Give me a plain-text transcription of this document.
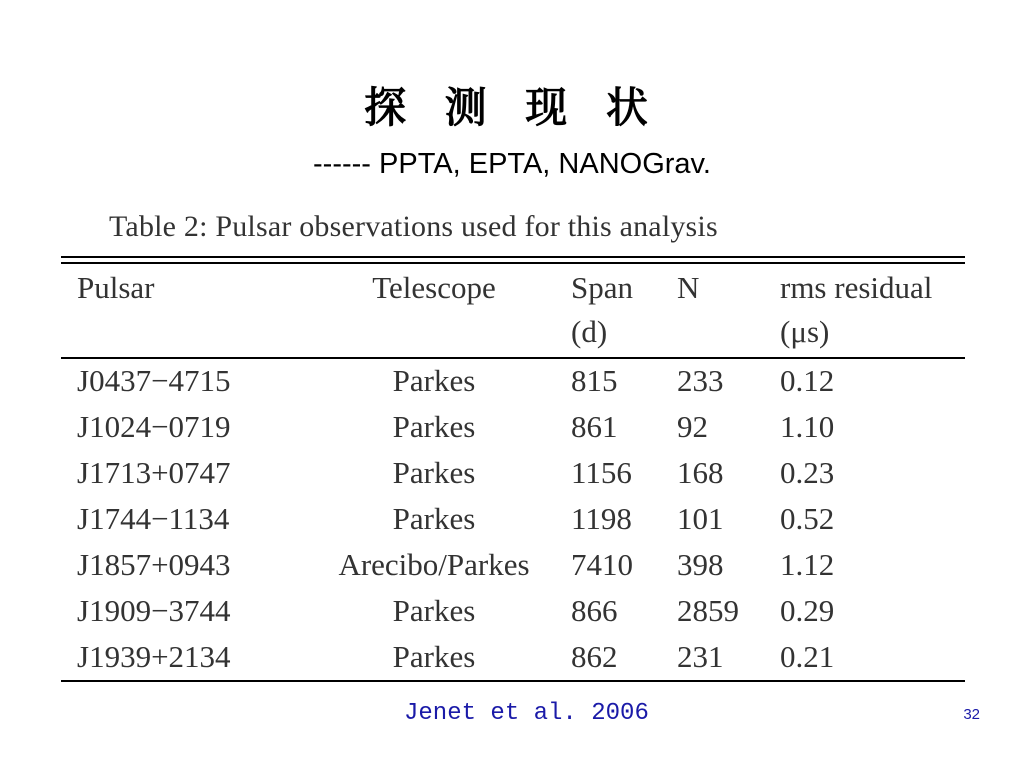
探 测 现 状
------ PPTA, EPTA, NANOGrav.
Table 2: Pulsar observations used for this analysis
Pulsar	Telescope	Span	N	rms residual
		(d)		(μs)
J0437−4715	Parkes	815	233	0.12
J1024−0719	Parkes	861	92	1.10
J1713+0747	Parkes	1156	168	0.23
J1744−1134	Parkes	1198	101	0.52
J1857+0943	Arecibo/Parkes	7410	398	1.12
J1909−3744	Parkes	866	2859	0.29
J1939+2134	Parkes	862	231	0.21
Jenet et al. 2006	32
